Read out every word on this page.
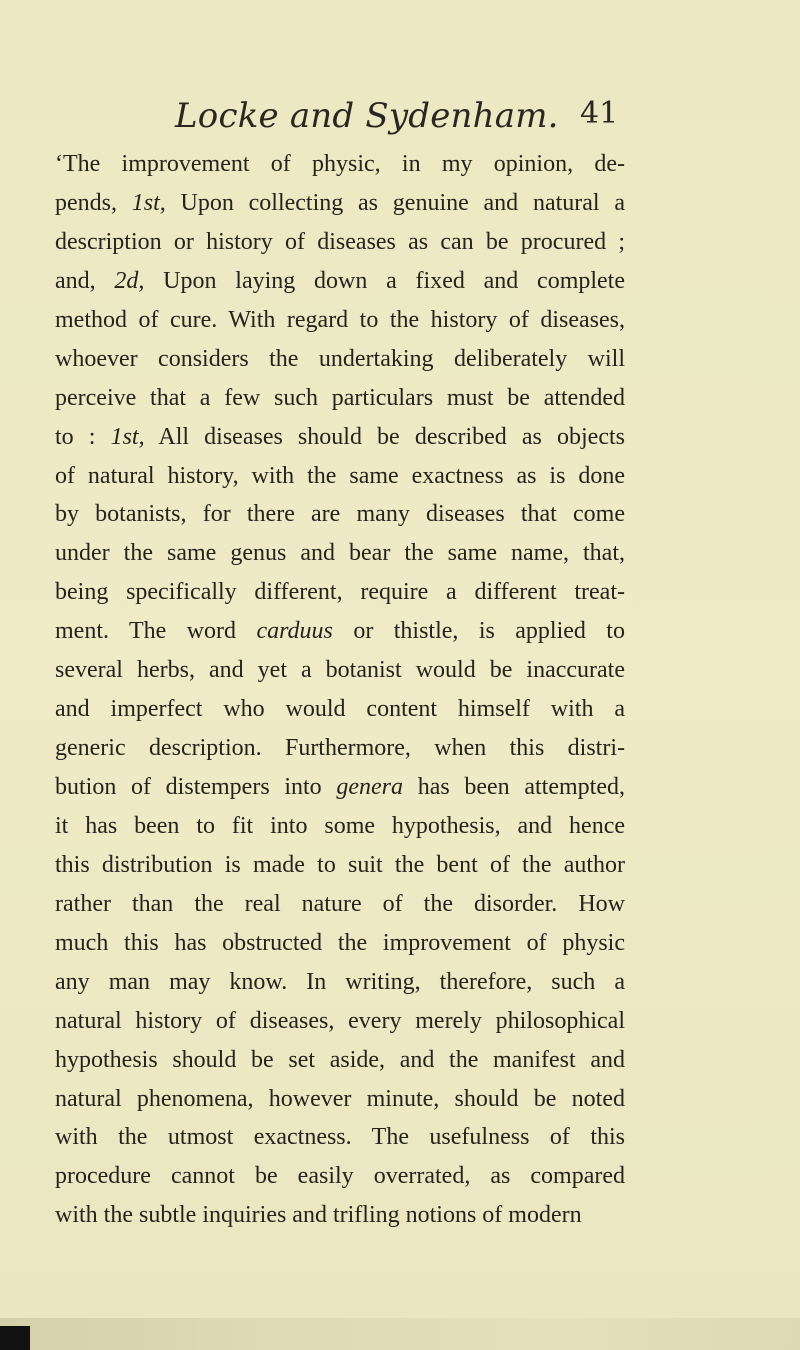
Locke and Sydenham. 41
‘The improvement of physic, in my opinion, de-
pends, 1st, Upon collecting as genuine and natural a
description or history of diseases as can be procured ;
and, 2d, Upon laying down a fixed and complete
method of cure. With regard to the history of diseases,
whoever considers the undertaking deliberately will
perceive that a few such particulars must be attended
to : 1st, All diseases should be described as objects
of natural history, with the same exactness as is done
by botanists, for there are many diseases that come
under the same genus and bear the same name, that,
being specifically different, require a different treat-
ment. The word carduus or thistle, is applied to
several herbs, and yet a botanist would be inaccurate
and imperfect who would content himself with a
generic description. Furthermore, when this distri-
bution of distempers into genera has been attempted,
it has been to fit into some hypothesis, and hence
this distribution is made to suit the bent of the author
rather than the real nature of the disorder. How
much this has obstructed the improvement of physic
any man may know. In writing, therefore, such a
natural history of diseases, every merely philosophical
hypothesis should be set aside, and the manifest and
natural phenomena, however minute, should be noted
with the utmost exactness. The usefulness of this
procedure cannot be easily overrated, as compared
with the subtle inquiries and trifling notions of modern
